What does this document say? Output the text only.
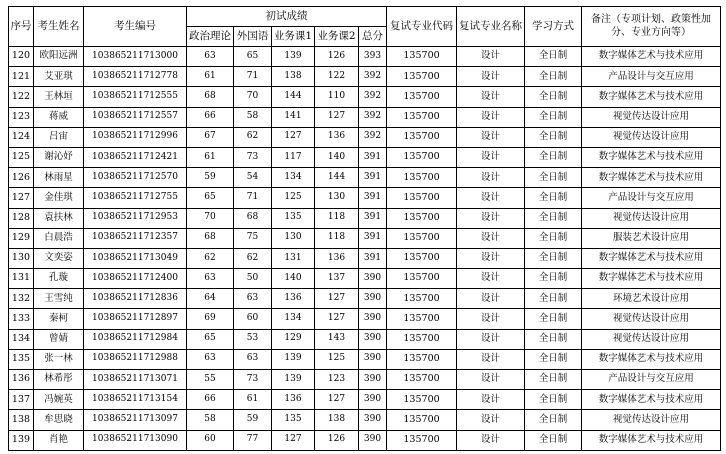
序号	考生姓名	考生编号	初试成绩					复试专业代码	复试专业名称	学习方式	备注（专项计划、政策性加分、专业方向等）
			政治理论	外国语	业务课1	业务课2	总分				
120	欧阳远洲	103865211713000	63	65	139	126	393	135700	设计	全日制	数字媒体艺术与技术应用
121	艾亚琪	103865211712778	61	71	138	122	392	135700	设计	全日制	产品设计与交互应用
122	王林垣	103865211712555	68	70	144	110	392	135700	设计	全日制	数字媒体艺术与技术应用
123	蒋威	103865211712557	66	58	141	127	392	135700	设计	全日制	视觉传达设计应用
124	吕宙	103865211712996	67	62	127	136	392	135700	设计	全日制	视觉传达设计应用
125	谢沁妤	103865211712421	61	73	117	140	391	135700	设计	全日制	数字媒体艺术与技术应用
126	林雨星	103865211712570	59	54	134	144	391	135700	设计	全日制	数字媒体艺术与技术应用
127	金佳琪	103865211712755	65	71	125	130	391	135700	设计	全日制	产品设计与交互应用
128	袁扶林	103865211712953	70	68	135	118	391	135700	设计	全日制	视觉传达设计应用
129	白晨浩	103865211712357	68	75	130	118	391	135700	设计	全日制	服装艺术设计应用
130	文奕姿	103865211713049	62	62	131	136	391	135700	设计	全日制	数字媒体艺术与技术应用
131	孔璇	103865211712400	63	50	140	137	390	135700	设计	全日制	数字媒体艺术与技术应用
132	王雪纯	103865211712836	64	63	136	127	390	135700	设计	全日制	环境艺术设计应用
133	秦柯	103865211712897	69	60	134	127	390	135700	设计	全日制	视觉传达设计应用
134	曾婧	103865211712984	65	53	129	143	390	135700	设计	全日制	视觉传达设计应用
135	张一林	103865211712988	63	63	139	125	390	135700	设计	全日制	数字媒体艺术与技术应用
136	林希彤	103865211713071	55	73	139	123	390	135700	设计	全日制	产品设计与交互应用
137	冯婉英	103865211713154	66	61	136	127	390	135700	设计	全日制	数字媒体艺术与技术应用
138	牟思晓	103865211713097	58	59	135	138	390	135700	设计	全日制	视觉传达设计应用
139	肖艳	103865211713090	60	77	127	126	390	135700	设计	全日制	数字媒体艺术与技术应用
